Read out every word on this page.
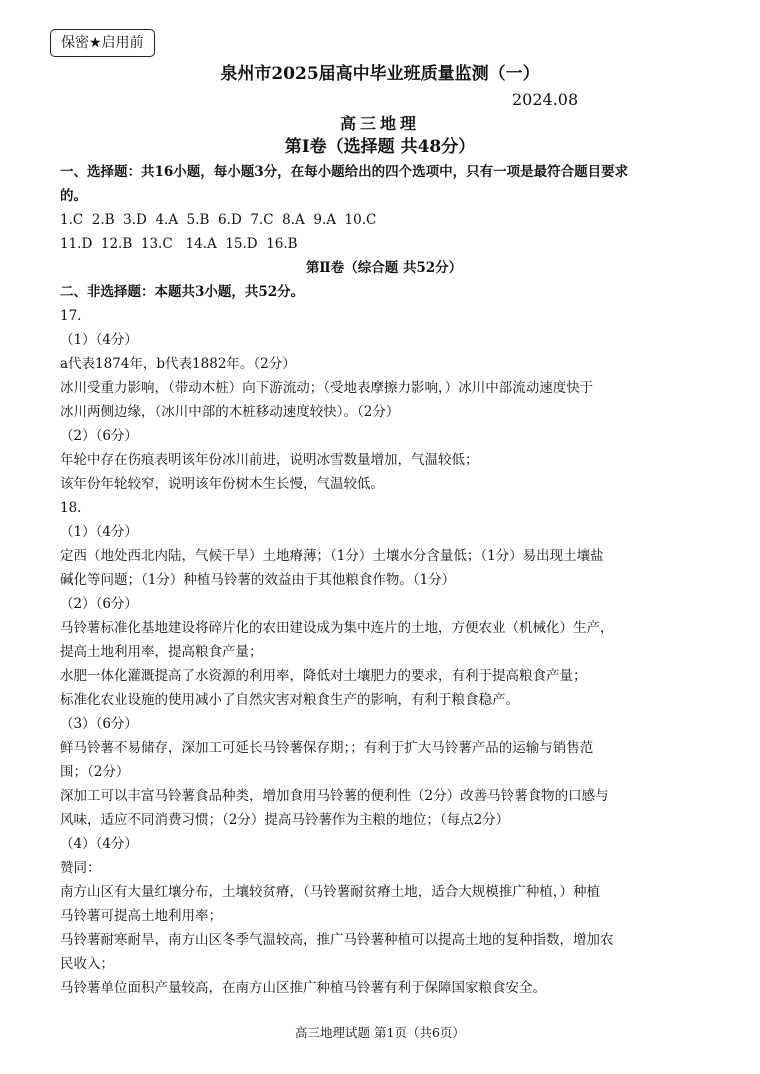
保密★启用前
泉州市2025届高中毕业班质量监测（一）
2024.08
高三地理
第Ⅰ卷（选择题 共48分）

一、选择题：共16小题，每小题3分，在每小题给出的四个选项中，只有一项是最符合题目要求

的。

1.C  2.B  3.D  4.A  5.B  6.D  7.C  8.A  9.A  10.C

11.D  12.B  13.C   14.A  15.D  16.B

第Ⅱ卷（综合题 共52分）

二、非选择题：本题共3小题，共52分。

17.

（1）（4分）

a代表1874年，b代表1882年。（2分）

冰川受重力影响，（带动木桩）向下游流动；（受地表摩擦力影响，）冰川中部流动速度快于

冰川两侧边缘，（冰川中部的木桩移动速度较快）。（2分）

（2）（6分）

年轮中存在伤痕表明该年份冰川前进，说明冰雪数量增加，气温较低；

该年份年轮较窄，说明该年份树木生长慢，气温较低。

18.

（1）（4分）

定西（地处西北内陆，气候干旱）土地瘠薄；（1分）土壤水分含量低；（1分）易出现土壤盐

碱化等问题；（1分）种植马铃薯的效益由于其他粮食作物。（1分）

（2）（6分）

马铃薯标准化基地建设将碎片化的农田建设成为集中连片的土地，方便农业（机械化）生产，

提高土地利用率，提高粮食产量；

水肥一体化灌溉提高了水资源的利用率，降低对土壤肥力的要求，有利于提高粮食产量；

标准化农业设施的使用减小了自然灾害对粮食生产的影响，有利于粮食稳产。

（3）（6分）

鲜马铃薯不易储存，深加工可延长马铃薯保存期；；有利于扩大马铃薯产品的运输与销售范

围；（2分）

深加工可以丰富马铃薯食品种类，增加食用马铃薯的便利性（2分）改善马铃薯食物的口感与

风味，适应不同消费习惯；（2分）提高马铃薯作为主粮的地位；（每点2分）

（4）（4分）

赞同：

南方山区有大量红壤分布，土壤较贫瘠，（马铃薯耐贫瘠土地，适合大规模推广种植，）种植

马铃薯可提高土地利用率；

马铃薯耐寒耐旱，南方山区冬季气温较高，推广马铃薯种植可以提高土地的复种指数，增加农

民收入；

马铃薯单位面积产量较高，在南方山区推广种植马铃薯有利于保障国家粮食安全。

高三地理试题 第1页（共6页）
